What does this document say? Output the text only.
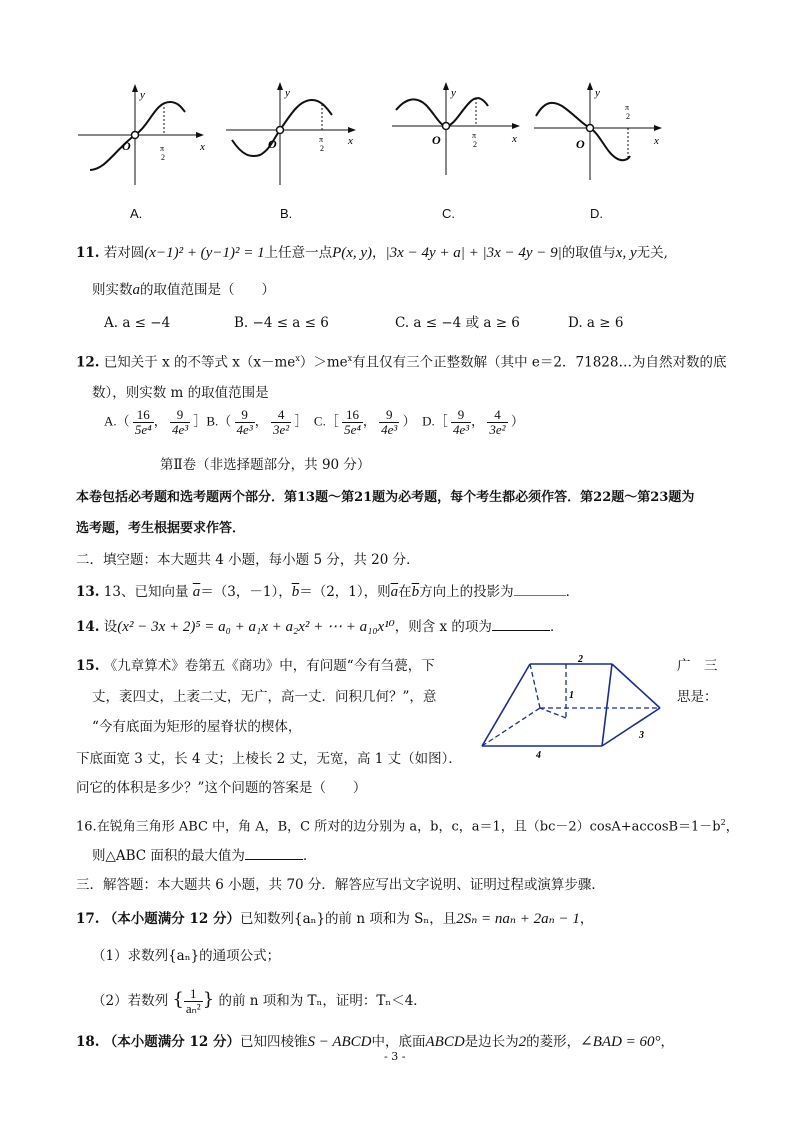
O	x
y
π
2
O	x
y
π
2
O	x
y
π
2	O	x
y
π
2
A.	B.	C.	D.
11. 若对圆(x−1)² + (y−1)² = 1上任意一点P(x, y)，|3x − 4y + a| + |3x − 4y − 9|的取值与x, y无关,
则实数a的取值范围是（　　）
A. a ≤ −4	B. −4 ≤ a ≤ 6	C. a ≤ −4 或 a ≥ 6	D. a ≥ 6
12. 已知关于 x 的不等式 $x(x-me^x)>me^x$有且仅有三个正整数解（其中 e＝2．71828…为自然对数的底
数），则实数 m 的取值范围是
$A.( \frac{16}{\text{5e⁴}}$ ， $\frac{9}{\text{4e³}}$ ］B.（ $\frac{9}{\text{4e³}}$ ， $\frac{4}{\text{3e²}}$ ］　C.［ $\frac{16}{\text{5e⁴}}$ ， $\frac{9}{\text{4e³}}$ ）　D.［ $\frac{9}{\text{4e³}}$ ， $\frac{4}{\text{3e²}}$ ）
第Ⅱ卷（非选择题部分，共 90 分）
本卷包括必考题和选考题两个部分．第13题～第21题为必考题，每个考生都必须作答．第22题～第23题为
选考题，考生根据要求作答．
二．填空题：本大题共 4 小题，每小题 5 分，共 20 分．
13. 13、已知向量 $\overline{a}=(3$，－1），$\overline{b}=(2$，1），则$\overline{a}$在$\overline{b}$方向上的投影为	．
14. 设(x² − 3x + 2)⁵ = a₀ + a₁x + a₂x² + ⋯ + a₁₀x¹⁰，则含 x 的项为	．
15. 《九章算术》卷第五《商功》中，有问题“今有刍甍，下	广　三
丈，袤四丈，上袤二丈，无广，高一丈．问积几何？”，意	思是：
“今有底面为矩形的屋脊状的楔体，
下底面宽 3 丈，长 4 丈；上棱长 2 丈，无宽，高 1 丈（如图）．
问它的体积是多少？”这个问题的答案是（　　）
2
1
3
4
16.在锐角三角形 ABC 中，角 A，B，C 所对的边分别为 a，b，c，a＝1，且$(bc-2)\cos A+accosB=1-b^2$，
则△ABC 面积的最大值为	．
三．解答题：本大题共 6 小题，共 70 分．解答应写出文字说明、证明过程或演算步骤．
17. （本小题满分 12 分）已知数列{aₙ}的前 n 项和为 Sₙ，且2Sₙ = naₙ + 2aₙ − 1，
（1）求数列{aₙ}的通项公式；
（2）若数列 { $\frac{1}{\text{aₙ²}}$ } 的前 n 项和为 Tₙ，证明：Tₙ＜4．
18. （本小题满分 12 分）已知四棱锥S − ABCD中，底面ABCD是边长为2的菱形，∠BAD = 60°，
- 3 -
